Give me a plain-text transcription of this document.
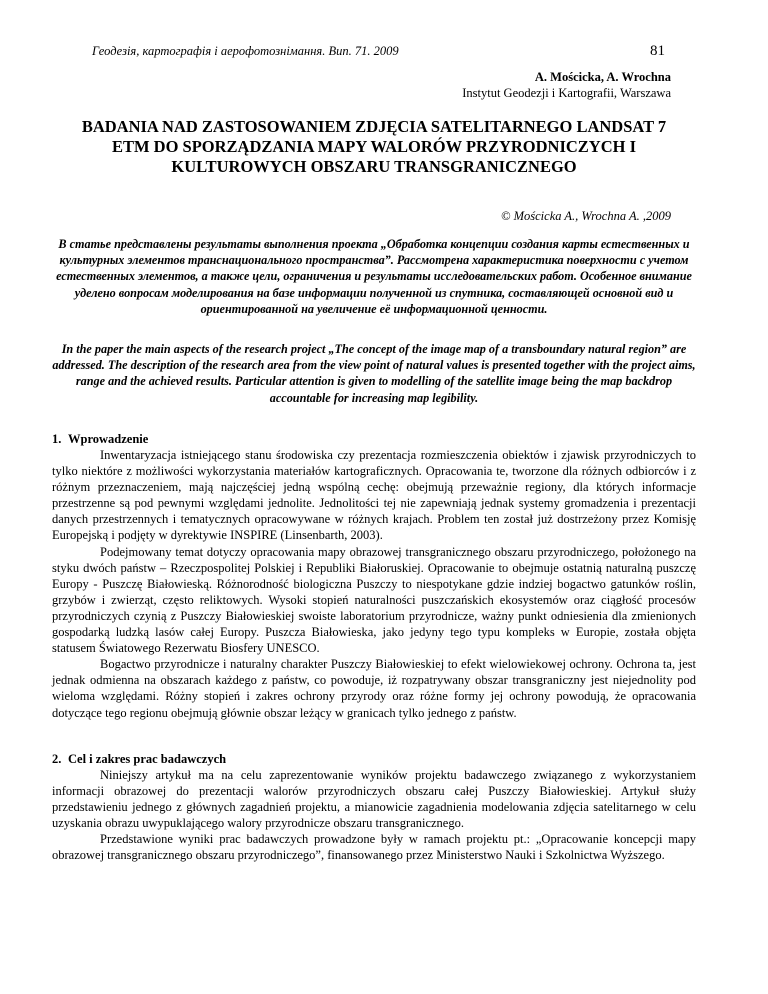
Геодезія, картографія і аерофотознімання. Вип. 71. 2009	81
A. Mościcka, A. Wrochna
Instytut Geodezji i Kartografii, Warszawa
BADANIA NAD ZASTOSOWANIEM ZDJĘCIA SATELITARNEGO LANDSAT 7 ETM DO SPORZĄDZANIA MAPY WALORÓW PRZYRODNICZYCH I KULTUROWYCH OBSZARU TRANSGRANICZNEGO
© Mościcka A., Wrochna A. ,2009
В статье представлены результаты выполнения проекта „Обработка концепции создания карты естественных и культурных элементов транснационального пространства”. Рассмотрена характеристика поверхности с учетом естественных элементов, а также цели, ограничения и результаты исследовательских работ. Особенное внимание уделено вопросам моделирования на базе информации полученной из спутника, составляющей основной вид и ориентированной на увеличение её информационной ценности.
In the paper the main aspects of the research project „The concept of the image map of a transboundary natural region” are addressed. The description of the research area from the view point of natural values is presented together with the project aims, range and the achieved results. Particular attention is given to modelling of the satellite image being the map backdrop accountable for increasing map legibility.
1. Wprowadzenie

Inwentaryzacja istniejącego stanu środowiska czy prezentacja rozmieszczenia obiektów i zjawisk przyrodniczych to tylko niektóre z możliwości wykorzystania materiałów kartograficznych. Opracowania te, tworzone dla różnych odbiorców i z różnym przeznaczeniem, mają najczęściej jedną wspólną cechę: obejmują przeważnie regiony, dla których informacje przestrzenne są pod pewnymi względami jednolite. Jednolitości tej nie zapewniają jednak systemy gromadzenia i prezentacji danych przestrzennych i tematycznych opracowywane w różnych krajach. Problem ten został już dostrzeżony przez Komisję Europejską i podjęty w dyrektywie INSPIRE (Linsenbarth, 2003).

Podejmowany temat dotyczy opracowania mapy obrazowej transgranicznego obszaru przyrodniczego, położonego na styku dwóch państw – Rzeczpospolitej Polskiej i Republiki Białoruskiej. Opracowanie to obejmuje ostatnią naturalną puszczę Europy - Puszczę Białowieską. Różnorodność biologiczna Puszczy to niespotykane gdzie indziej bogactwo gatunków roślin, grzybów i zwierząt, często reliktowych. Wysoki stopień naturalności puszczańskich ekosystemów oraz ciągłość procesów przyrodniczych czynią z Puszczy Białowieskiej swoiste laboratorium przyrodnicze, ważny punkt odniesienia dla zmienionych gospodarką ludzką lasów całej Europy. Puszcza Białowieska, jako jedyny tego typu kompleks w Europie, została objęta statusem Światowego Rezerwatu Biosfery UNESCO.

Bogactwo przyrodnicze i naturalny charakter Puszczy Białowieskiej to efekt wielowiekowej ochrony. Ochrona ta, jest jednak odmienna na obszarach każdego z państw, co powoduje, iż rozpatrywany obszar transgraniczny jest niejednolity pod wieloma względami. Różny stopień i zakres ochrony przyrody oraz różne formy jej ochrony powodują, że opracowania dotyczące tego regionu obejmują głównie obszar leżący w granicach tylko jednego z państw.

2. Cel i zakres prac badawczych

Niniejszy artykuł ma na celu zaprezentowanie wyników projektu badawczego związanego z wykorzystaniem informacji obrazowej do prezentacji walorów przyrodniczych obszaru całej Puszczy Białowieskiej. Artykuł służy przedstawieniu jednego z głównych zagadnień projektu, a mianowicie zagadnienia modelowania zdjęcia satelitarnego w celu uzyskania obrazu uwypuklającego walory przyrodnicze obszaru transgranicznego.

Przedstawione wyniki prac badawczych prowadzone były w ramach projektu pt.: „Opracowanie koncepcji mapy obrazowej transgranicznego obszaru przyrodniczego”, finansowanego przez Ministerstwo Nauki i Szkolnictwa Wyższego.
